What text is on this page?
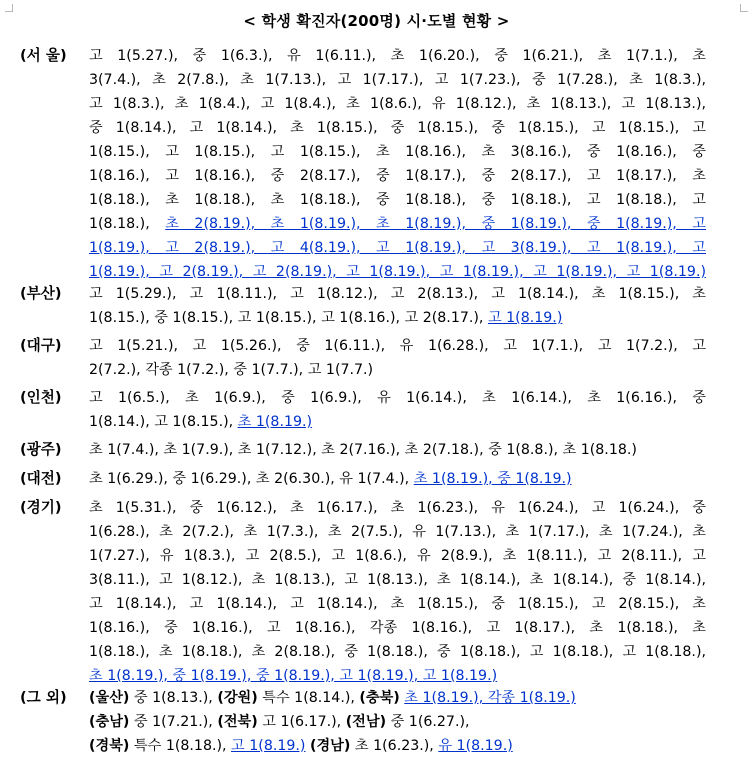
< 학생 확진자(200명) 시·도별 현황 >
(서 울)	고 1(5.27.), 중 1(6.3.), 유 1(6.11.), 초 1(6.20.), 중 1(6.21.), 초 1(7.1.), 초
3(7.4.), 초 2(7.8.), 초 1(7.13.), 고 1(7.17.), 고 1(7.23.), 중 1(7.28.), 초 1(8.3.),
고 1(8.3.), 초 1(8.4.), 고 1(8.4.), 초 1(8.6.), 유 1(8.12.), 초 1(8.13.), 고 1(8.13.),
중 1(8.14.), 고 1(8.14.), 초 1(8.15.), 중 1(8.15.), 중 1(8.15.), 고 1(8.15.), 고
1(8.15.), 고 1(8.15.), 고 1(8.15.), 초 1(8.16.), 초 3(8.16.), 중 1(8.16.), 중
1(8.16.), 고 1(8.16.), 중 2(8.17.), 중 1(8.17.), 중 2(8.17.), 고 1(8.17.), 초
1(8.18.), 초 1(8.18.), 초 1(8.18.), 중 1(8.18.), 중 1(8.18.), 고 1(8.18.), 고
1(8.18.), 초 2(8.19.), 초 1(8.19.), 초 1(8.19.), 중 1(8.19.), 중 1(8.19.), 고
1(8.19.), 고 2(8.19.), 고 4(8.19.), 고 1(8.19.), 고 3(8.19.), 고 1(8.19.), 고
1(8.19.), 고 2(8.19.), 고 2(8.19.), 고 1(8.19.), 고 1(8.19.), 고 1(8.19.), 고 1(8.19.)
(부산)	고 1(5.29.), 고 1(8.11.), 고 1(8.12.), 고 2(8.13.), 고 1(8.14.), 초 1(8.15.), 초
1(8.15.), 중 1(8.15.), 고 1(8.15.), 고 1(8.16.), 고 2(8.17.), 고 1(8.19.)
(대구)	고 1(5.21.), 고 1(5.26.), 중 1(6.11.), 유 1(6.28.), 고 1(7.1.), 고 1(7.2.), 고
2(7.2.), 각종 1(7.2.), 중 1(7.7.), 고 1(7.7.)
(인천)	고 1(6.5.), 초 1(6.9.), 중 1(6.9.), 유 1(6.14.), 초 1(6.14.), 초 1(6.16.), 중
1(8.14.), 고 1(8.15.), 초 1(8.19.)
(광주)	초 1(7.4.), 초 1(7.9.), 초 1(7.12.), 초 2(7.16.), 초 2(7.18.), 중 1(8.8.), 초 1(8.18.)
(대전)	초 1(6.29.), 중 1(6.29.), 초 2(6.30.), 유 1(7.4.), 초 1(8.19.), 중 1(8.19.)
(경기)	초 1(5.31.), 중 1(6.12.), 초 1(6.17.), 초 1(6.23.), 유 1(6.24.), 고 1(6.24.), 중
1(6.28.), 초 2(7.2.), 초 1(7.3.), 초 2(7.5.), 유 1(7.13.), 초 1(7.17.), 초 1(7.24.), 초
1(7.27.), 유 1(8.3.), 고 2(8.5.), 고 1(8.6.), 유 2(8.9.), 초 1(8.11.), 고 2(8.11.), 고
3(8.11.), 고 1(8.12.), 초 1(8.13.), 고 1(8.13.), 초 1(8.14.), 초 1(8.14.), 중 1(8.14.),
고 1(8.14.), 고 1(8.14.), 고 1(8.14.), 초 1(8.15.), 중 1(8.15.), 고 2(8.15.), 초
1(8.16.), 중 1(8.16.), 고 1(8.16.), 각종 1(8.16.), 고 1(8.17.), 초 1(8.18.), 초
1(8.18.), 초 1(8.18.), 초 2(8.18.), 중 1(8.18.), 중 1(8.18.), 고 1(8.18.), 고 1(8.18.),
초 1(8.19.), 중 1(8.19.), 중 1(8.19.), 고 1(8.19.), 고 1(8.19.)
(그 외)	(울산) 중 1(8.13.), (강원) 특수 1(8.14.), (충북) 초 1(8.19.), 각종 1(8.19.)
(충남) 중 1(7.21.), (전북) 고 1(6.17.), (전남) 중 1(6.27.),
(경북) 특수 1(8.18.), 고 1(8.19.) (경남) 초 1(6.23.), 유 1(8.19.)
